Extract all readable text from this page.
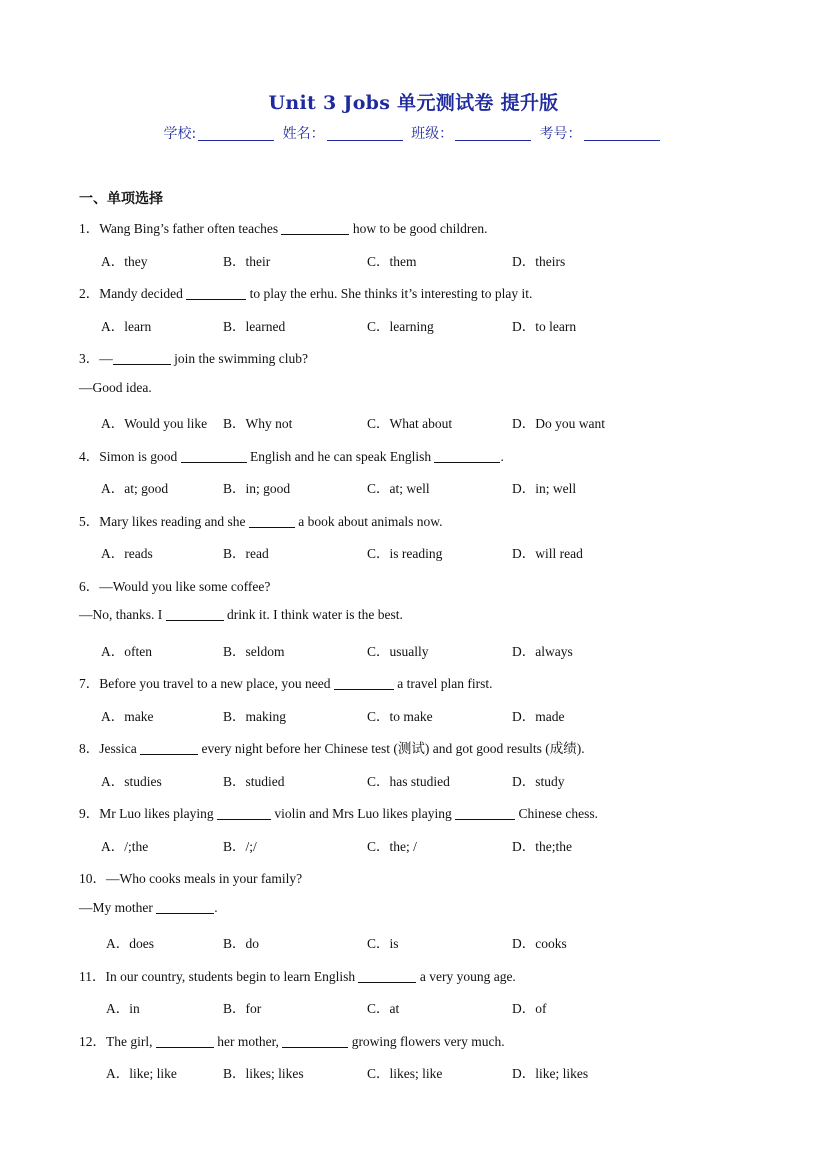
Unit 3 Jobs 单元测试卷 提升版
学校:	姓名：	班级：	考号：
一、单项选择
1．Wang Bing’s father often teaches	how to be good children.
A．they	B．their	C．them	D．theirs
2．Mandy decided	to play the erhu. She thinks it’s interesting to play it.
A．learn	B．learned	C．learning	D．to learn
3．—	join the swimming club?
—Good idea.
A．Would you like B．Why not	C．What about	D．Do you want
4．Simon is good	English and he can speak English	.
A．at; good	B．in; good	C．at; well	D．in; well
5．Mary likes reading and she	a book about animals now.
A．reads	B．read	C．is reading	D．will read
6．—Would you like some coffee?
—No, thanks. I	drink it. I think water is the best.
A．often	B．seldom	C．usually	D．always
7．Before you travel to a new place, you need	a travel plan first.
A．make	B．making	C．to make	D．made
8．Jessica	every night before her Chinese test (测试) and got good results (成绩).
A．studies	B．studied	C．has studied	D．study
9．Mr Luo likes playing	violin and Mrs Luo likes playing	Chinese chess.
A．/;the	B．/;/	C．the; /	D．the;the
10．—Who cooks meals in your family?
—My mother	.
A．does	B．do	C．is	D．cooks
11．In our country, students begin to learn English	a very young age.
A．in	B．for	C．at	D．of
12．The girl,	her mother,	growing flowers very much.
A．like; like	B．likes; likes	C．likes; like	D．like; likes
